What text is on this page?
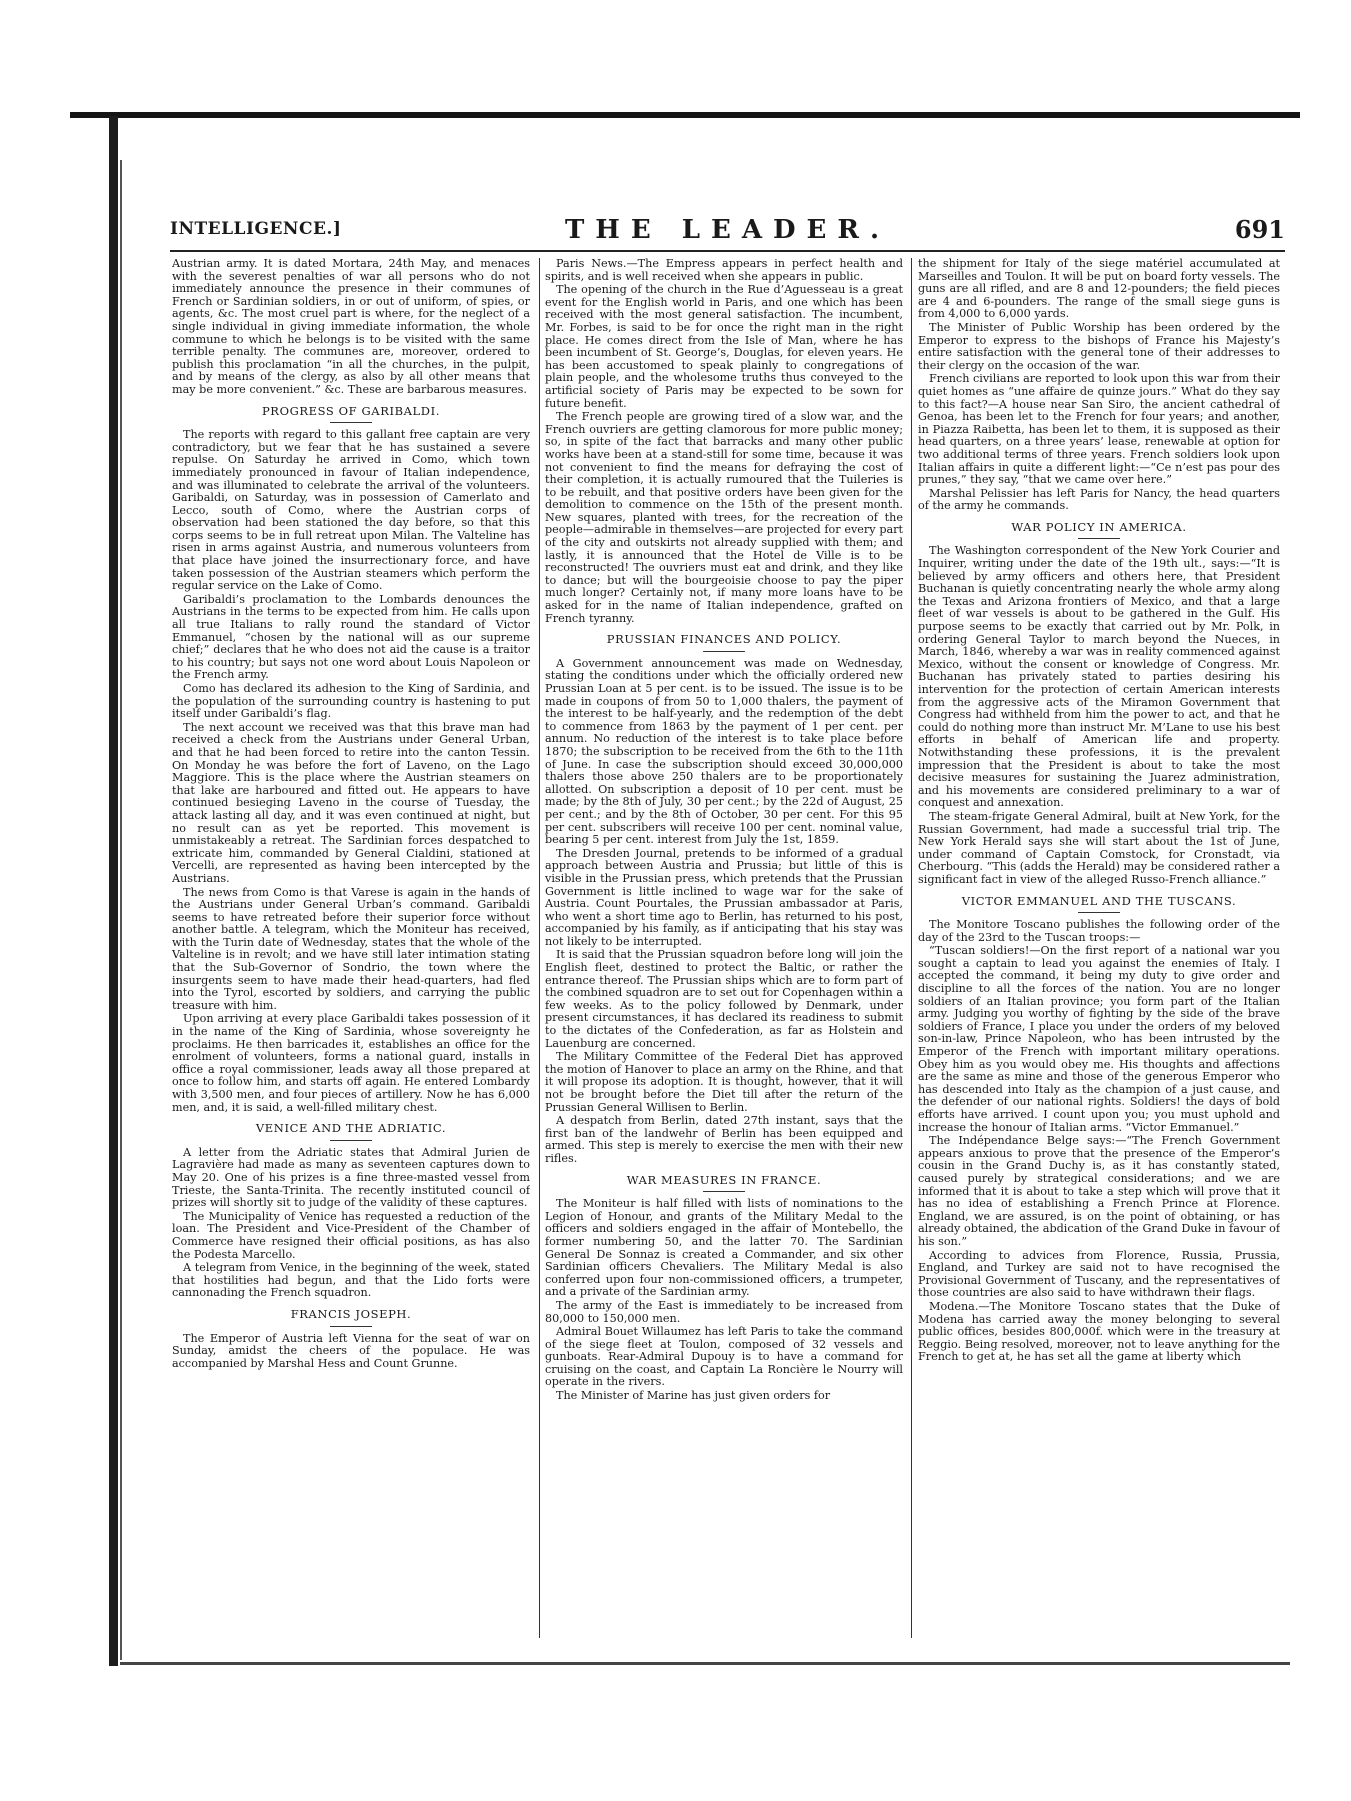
INTELLIGENCE.]	THE LEADER.	691

Austrian army. It is dated Mortara, 24th May, and menaces with the severest penalties of war all persons who do not immediately announce the presence in their communes of French or Sardinian soldiers, in or out of uniform, of spies, or agents, &c. The most cruel part is where, for the neglect of a single individual in giving immediate information, the whole commune to which he belongs is to be visited with the same terrible penalty. The communes are, moreover, ordered to publish this proclamation “in all the churches, in the pulpit, and by means of the clergy, as also by all other means that may be more convenient.” &c. These are barbarous measures.

PROGRESS OF GARIBALDI.

The reports with regard to this gallant free captain are very contradictory, but we fear that he has sustained a severe repulse. On Saturday he arrived in Como, which town immediately pronounced in favour of Italian independence, and was illuminated to celebrate the arrival of the volunteers. Garibaldi, on Saturday, was in possession of Camerlato and Lecco, south of Como, where the Austrian corps of observation had been stationed the day before, so that this corps seems to be in full retreat upon Milan. The Valteline has risen in arms against Austria, and numerous volunteers from that place have joined the insurrectionary force, and have taken possession of the Austrian steamers which perform the regular service on the Lake of Como.

Garibaldi’s proclamation to the Lombards denounces the Austrians in the terms to be expected from him. He calls upon all true Italians to rally round the standard of Victor Emmanuel, “chosen by the national will as our supreme chief;” declares that he who does not aid the cause is a traitor to his country; but says not one word about Louis Napoleon or the French army.

Como has declared its adhesion to the King of Sardinia, and the population of the surrounding country is hastening to put itself under Garibaldi’s flag.

The next account we received was that this brave man had received a check from the Austrians under General Urban, and that he had been forced to retire into the canton Tessin. On Monday he was before the fort of Laveno, on the Lago Maggiore. This is the place where the Austrian steamers on that lake are harboured and fitted out. He appears to have continued besieging Laveno in the course of Tuesday, the attack lasting all day, and it was even continued at night, but no result can as yet be reported. This movement is unmistakeably a retreat. The Sardinian forces despatched to extricate him, commanded by General Cialdini, stationed at Vercelli, are represented as having been intercepted by the Austrians.

The news from Como is that Varese is again in the hands of the Austrians under General Urban’s command. Garibaldi seems to have retreated before their superior force without another battle. A telegram, which the Moniteur has received, with the Turin date of Wednesday, states that the whole of the Valteline is in revolt; and we have still later intimation stating that the Sub-Governor of Sondrio, the town where the insurgents seem to have made their head-quarters, had fled into the Tyrol, escorted by soldiers, and carrying the public treasure with him.

Upon arriving at every place Garibaldi takes possession of it in the name of the King of Sardinia, whose sovereignty he proclaims. He then barricades it, establishes an office for the enrolment of volunteers, forms a national guard, installs in office a royal commissioner, leads away all those prepared at once to follow him, and starts off again. He entered Lombardy with 3,500 men, and four pieces of artillery. Now he has 6,000 men, and, it is said, a well-filled military chest.

VENICE AND THE ADRIATIC.

A letter from the Adriatic states that Admiral Jurien de Lagravière had made as many as seventeen captures down to May 20. One of his prizes is a fine three-masted vessel from Trieste, the Santa-Trinita. The recently instituted council of prizes will shortly sit to judge of the validity of these captures.

The Municipality of Venice has requested a reduction of the loan. The President and Vice-President of the Chamber of Commerce have resigned their official positions, as has also the Podesta Marcello.

A telegram from Venice, in the beginning of the week, stated that hostilities had begun, and that the Lido forts were cannonading the French squadron.

FRANCIS JOSEPH.

The Emperor of Austria left Vienna for the seat of war on Sunday, amidst the cheers of the populace. He was accompanied by Marshal Hess and Count Grunne.

Paris News.—The Empress appears in perfect health and spirits, and is well received when she appears in public.

The opening of the church in the Rue d’Aguesseau is a great event for the English world in Paris, and one which has been received with the most general satisfaction. The incumbent, Mr. Forbes, is said to be for once the right man in the right place. He comes direct from the Isle of Man, where he has been incumbent of St. George’s, Douglas, for eleven years. He has been accustomed to speak plainly to congregations of plain people, and the wholesome truths thus conveyed to the artificial society of Paris may be expected to be sown for future benefit.

The French people are growing tired of a slow war, and the French ouvriers are getting clamorous for more public money; so, in spite of the fact that barracks and many other public works have been at a stand-still for some time, because it was not convenient to find the means for defraying the cost of their completion, it is actually rumoured that the Tuileries is to be rebuilt, and that positive orders have been given for the demolition to commence on the 15th of the present month. New squares, planted with trees, for the recreation of the people—admirable in themselves—are projected for every part of the city and outskirts not already supplied with them; and lastly, it is announced that the Hotel de Ville is to be reconstructed! The ouvriers must eat and drink, and they like to dance; but will the bourgeoisie choose to pay the piper much longer? Certainly not, if many more loans have to be asked for in the name of Italian independence, grafted on French tyranny.

PRUSSIAN FINANCES AND POLICY.

A Government announcement was made on Wednesday, stating the conditions under which the officially ordered new Prussian Loan at 5 per cent. is to be issued. The issue is to be made in coupons of from 50 to 1,000 thalers, the payment of the interest to be half-yearly, and the redemption of the debt to commence from 1863 by the payment of 1 per cent. per annum. No reduction of the interest is to take place before 1870; the subscription to be received from the 6th to the 11th of June. In case the subscription should exceed 30,000,000 thalers those above 250 thalers are to be proportionately allotted. On subscription a deposit of 10 per cent. must be made; by the 8th of July, 30 per cent.; by the 22d of August, 25 per cent.; and by the 8th of October, 30 per cent. For this 95 per cent. subscribers will receive 100 per cent. nominal value, bearing 5 per cent. interest from July the 1st, 1859.

The Dresden Journal, pretends to be informed of a gradual approach between Austria and Prussia; but little of this is visible in the Prussian press, which pretends that the Prussian Government is little inclined to wage war for the sake of Austria. Count Pourtales, the Prussian ambassador at Paris, who went a short time ago to Berlin, has returned to his post, accompanied by his family, as if anticipating that his stay was not likely to be interrupted.

It is said that the Prussian squadron before long will join the English fleet, destined to protect the Baltic, or rather the entrance thereof. The Prussian ships which are to form part of the combined squadron are to set out for Copenhagen within a few weeks. As to the policy followed by Denmark, under present circumstances, it has declared its readiness to submit to the dictates of the Confederation, as far as Holstein and Lauenburg are concerned.

The Military Committee of the Federal Diet has approved the motion of Hanover to place an army on the Rhine, and that it will propose its adoption. It is thought, however, that it will not be brought before the Diet till after the return of the Prussian General Willisen to Berlin.

A despatch from Berlin, dated 27th instant, says that the first ban of the landwehr of Berlin has been equipped and armed. This step is merely to exercise the men with their new rifles.

WAR MEASURES IN FRANCE.

The Moniteur is half filled with lists of nominations to the Legion of Honour, and grants of the Military Medal to the officers and soldiers engaged in the affair of Montebello, the former numbering 50, and the latter 70. The Sardinian General De Sonnaz is created a Commander, and six other Sardinian officers Chevaliers. The Military Medal is also conferred upon four non-commissioned officers, a trumpeter, and a private of the Sardinian army.

The army of the East is immediately to be increased from 80,000 to 150,000 men.

Admiral Bouet Willaumez has left Paris to take the command of the siege fleet at Toulon, composed of 32 vessels and gunboats. Rear-Admiral Dupouy is to have a command for cruising on the coast, and Captain La Roncière le Nourry will operate in the rivers.

The Minister of Marine has just given orders for

the shipment for Italy of the siege matériel accumulated at Marseilles and Toulon. It will be put on board forty vessels. The guns are all rifled, and are 8 and 12-pounders; the field pieces are 4 and 6-pounders. The range of the small siege guns is from 4,000 to 6,000 yards.

The Minister of Public Worship has been ordered by the Emperor to express to the bishops of France his Majesty’s entire satisfaction with the general tone of their addresses to their clergy on the occasion of the war.

French civilians are reported to look upon this war from their quiet homes as “une affaire de quinze jours.” What do they say to this fact?—A house near San Siro, the ancient cathedral of Genoa, has been let to the French for four years; and another, in Piazza Raibetta, has been let to them, it is supposed as their head quarters, on a three years’ lease, renewable at option for two additional terms of three years. French soldiers look upon Italian affairs in quite a different light:—“Ce n’est pas pour des prunes,” they say, “that we came over here.”

Marshal Pelissier has left Paris for Nancy, the head quarters of the army he commands.

WAR POLICY IN AMERICA.

The Washington correspondent of the New York Courier and Inquirer, writing under the date of the 19th ult., says:—“It is believed by army officers and others here, that President Buchanan is quietly concentrating nearly the whole army along the Texas and Arizona frontiers of Mexico, and that a large fleet of war vessels is about to be gathered in the Gulf. His purpose seems to be exactly that carried out by Mr. Polk, in ordering General Taylor to march beyond the Nueces, in March, 1846, whereby a war was in reality commenced against Mexico, without the consent or knowledge of Congress. Mr. Buchanan has privately stated to parties desiring his intervention for the protection of certain American interests from the aggressive acts of the Miramon Government that Congress had withheld from him the power to act, and that he could do nothing more than instruct Mr. M’Lane to use his best efforts in behalf of American life and property. Notwithstanding these professions, it is the prevalent impression that the President is about to take the most decisive measures for sustaining the Juarez administration, and his movements are considered preliminary to a war of conquest and annexation.

The steam-frigate General Admiral, built at New York, for the Russian Government, had made a successful trial trip. The New York Herald says she will start about the 1st of June, under command of Captain Comstock, for Cronstadt, via Cherbourg. “This (adds the Herald) may be considered rather a significant fact in view of the alleged Russo-French alliance.”

VICTOR EMMANUEL AND THE TUSCANS.

The Monitore Toscano publishes the following order of the day of the 23rd to the Tuscan troops:—

“Tuscan soldiers!—On the first report of a national war you sought a captain to lead you against the enemies of Italy. I accepted the command, it being my duty to give order and discipline to all the forces of the nation. You are no longer soldiers of an Italian province; you form part of the Italian army. Judging you worthy of fighting by the side of the brave soldiers of France, I place you under the orders of my beloved son-in-law, Prince Napoleon, who has been intrusted by the Emperor of the French with important military operations. Obey him as you would obey me. His thoughts and affections are the same as mine and those of the generous Emperor who has descended into Italy as the champion of a just cause, and the defender of our national rights. Soldiers! the days of bold efforts have arrived. I count upon you; you must uphold and increase the honour of Italian arms. “Victor Emmanuel.”

The Indépendance Belge says:—“The French Government appears anxious to prove that the presence of the Emperor’s cousin in the Grand Duchy is, as it has constantly stated, caused purely by strategical considerations; and we are informed that it is about to take a step which will prove that it has no idea of establishing a French Prince at Florence. England, we are assured, is on the point of obtaining, or has already obtained, the abdication of the Grand Duke in favour of his son.”

According to advices from Florence, Russia, Prussia, England, and Turkey are said not to have recognised the Provisional Government of Tuscany, and the representatives of those countries are also said to have withdrawn their flags.

Modena.—The Monitore Toscano states that the Duke of Modena has carried away the money belonging to several public offices, besides 800,000f. which were in the treasury at Reggio. Being resolved, moreover, not to leave anything for the French to get at, he has set all the game at liberty which
